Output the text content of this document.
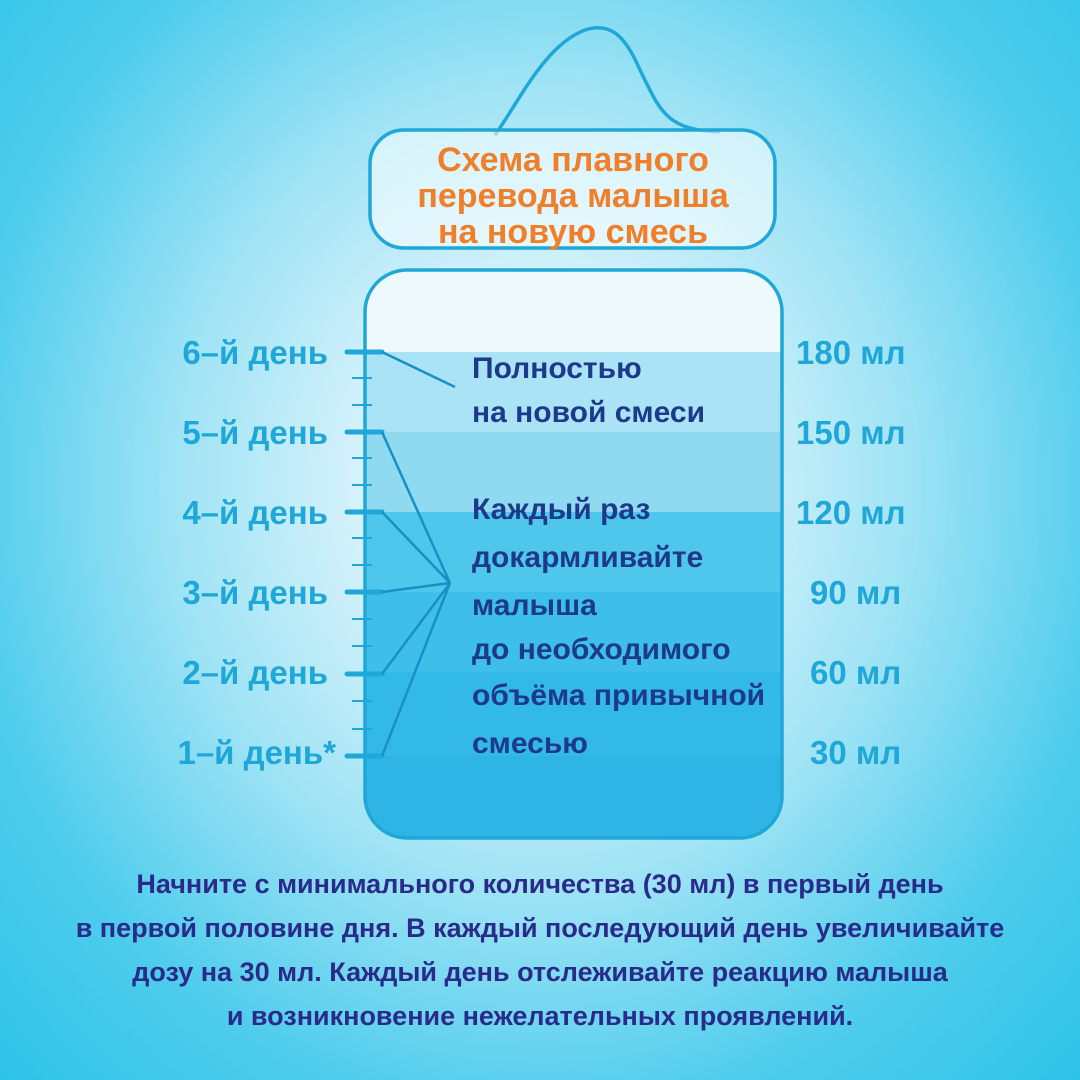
Схема плавного
перевода малыша
на новую смесь
6–й день
5–й день
4–й день
3–й день
2–й день
1–й день*
180 мл
150 мл
120 мл
90 мл
60 мл
30 мл
Полностью
на новой смеси
Каждый раз
докармливайте
малыша
до необходимого
объёма привычной
смесью
Начните с минимального количества (30 мл) в первый день
в первой половине дня. В каждый последующий день увеличивайте
дозу на 30 мл. Каждый день отслеживайте реакцию малыша
и возникновение нежелательных проявлений.
